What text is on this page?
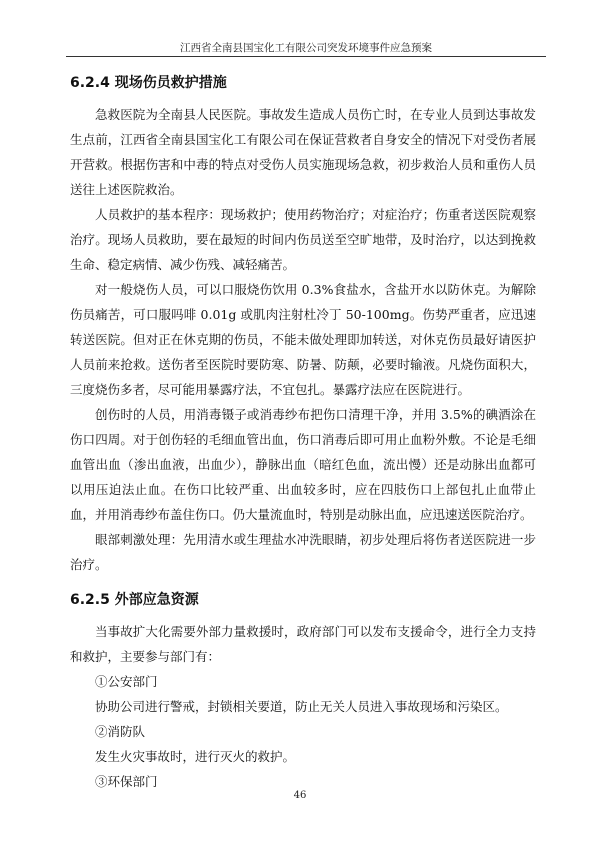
江西省全南县国宝化工有限公司突发环境事件应急预案
6.2.4 现场伤员救护措施

急救医院为全南县人民医院。事故发生造成人员伤亡时，在专业人员到达事故发生点前，江西省全南县国宝化工有限公司在保证营救者自身安全的情况下对受伤者展开营救。根据伤害和中毒的特点对受伤人员实施现场急救，初步救治人员和重伤人员送往上述医院救治。

人员救护的基本程序：现场救护；使用药物治疗；对症治疗；伤重者送医院观察治疗。现场人员救助，要在最短的时间内伤员送至空旷地带，及时治疗，以达到挽救生命、稳定病情、减少伤残、减轻痛苦。

对一般烧伤人员，可以口服烧伤饮用 0.3%食盐水，含盐开水以防休克。为解除伤员痛苦，可口服吗啡 0.01g 或肌肉注射杜冷丁 50-100mg。伤势严重者，应迅速转送医院。但对正在休克期的伤员，不能未做处理即加转送，对休克伤员最好请医护人员前来抢救。送伤者至医院时要防寒、防暑、防颠，必要时输液。凡烧伤面积大，三度烧伤多者，尽可能用暴露疗法，不宜包扎。暴露疗法应在医院进行。

创伤时的人员，用消毒镊子或消毒纱布把伤口清理干净，并用 3.5%的碘酒涂在伤口四周。对于创伤轻的毛细血管出血，伤口消毒后即可用止血粉外敷。不论是毛细血管出血（渗出血液，出血少），静脉出血（暗红色血，流出慢）还是动脉出血都可以用压迫法止血。在伤口比较严重、出血较多时，应在四肢伤口上部包扎止血带止血，并用消毒纱布盖住伤口。仍大量流血时，特别是动脉出血，应迅速送医院治疗。

眼部刺激处理：先用清水或生理盐水冲洗眼睛，初步处理后将伤者送医院进一步治疗。

6.2.5 外部应急资源

当事故扩大化需要外部力量救援时，政府部门可以发布支援命令，进行全力支持和救护，主要参与部门有：

①公安部门

协助公司进行警戒，封锁相关要道，防止无关人员进入事故现场和污染区。

②消防队

发生火灾事故时，进行灭火的救护。

③环保部门

46
